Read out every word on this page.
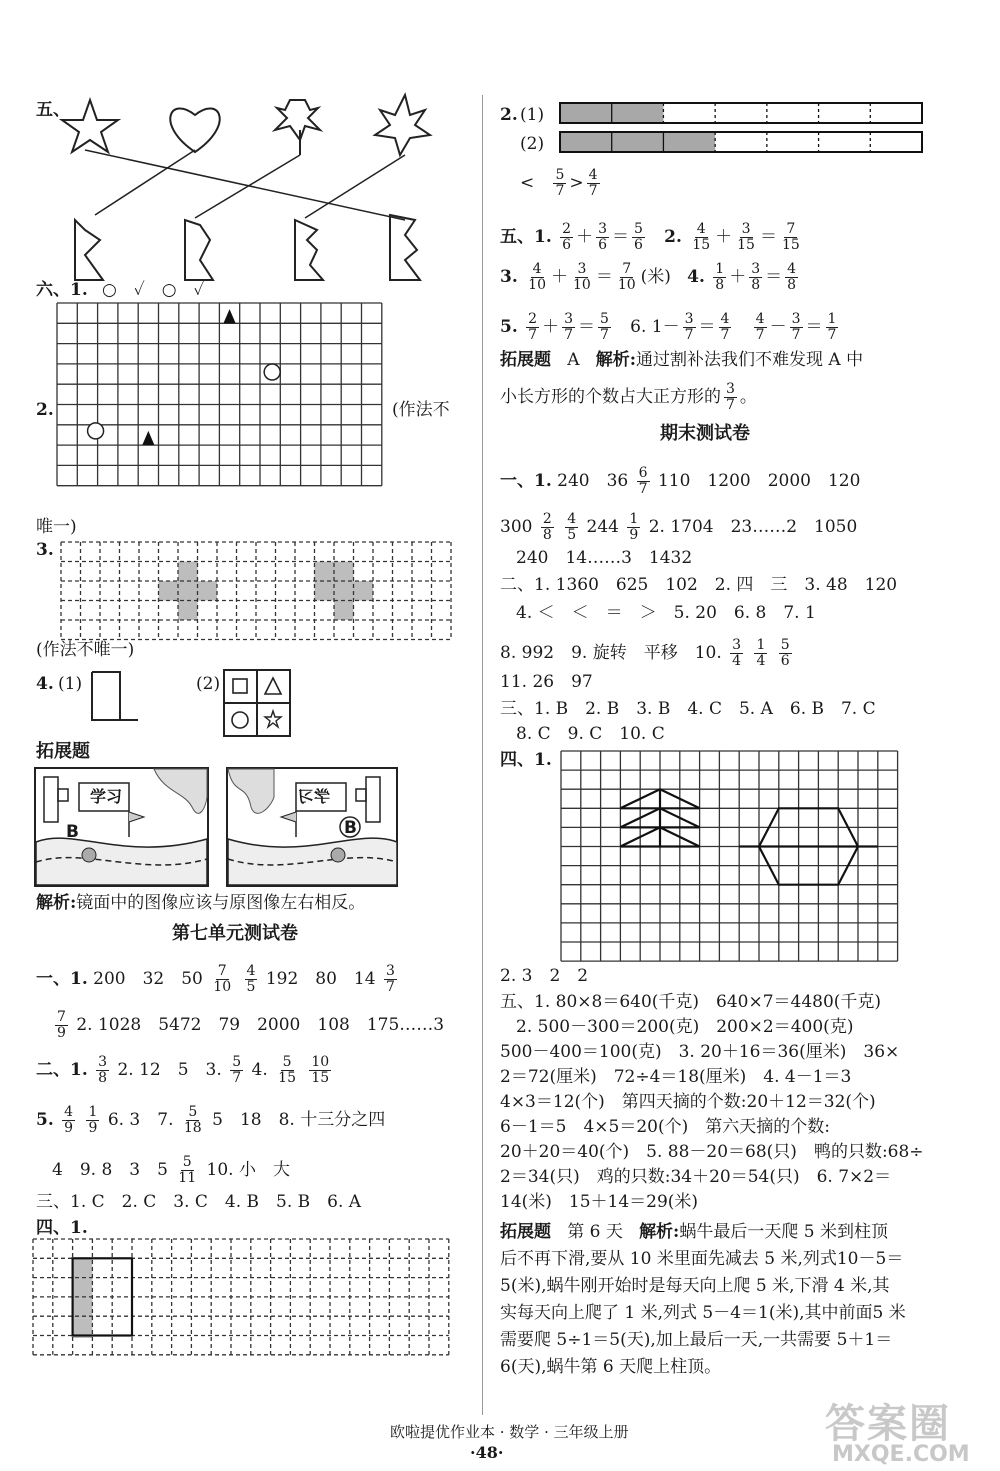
五、
六、1. ○　✓　○　✓
2.	(作法不
唯一)
3.
(作法不唯一)
4. (1)	(2)
拓展题
学习
B
学习
B
解析:镜面中的图像应该与原图像左右相反。
第七单元测试卷
一、1. 200　32　$50 \frac{7}{10}$
$\frac{4}{5} 192$　80　$14 \frac{3}{7}$
$\frac{7}{9} 2$. 1028　5472　79　2000　108　175……3
二、1. $\frac{3}{8} 2$. 12　5　3. $\frac{5}{7} 4$. $\frac{5}{15}$
$\frac{10}{15}$
5. $\frac{4}{9}$
$\frac{1}{9} 6$. 3　7. $\frac{5}{18} 5$　18　8. 十三分之四
4　9. 8　3　$5 \frac{5}{11} 10$. 小　大
三、1. C　2. C　3. C　4. B　5. B　6. A
四、1.
2. (1)
(2)
< $\frac{5}{7} > \frac{4}{7}$
五、1. $\frac{2}{6} + \frac{3}{6} = \frac{5}{6} 2$. $\frac{4}{15} + \frac{3}{15} = \frac{7}{15}$
3. $\frac{4}{10} + \frac{3}{10} = \frac{7}{10}$ (米) 4. $\frac{1}{8} + \frac{3}{8} = \frac{4}{8}$
5. $\frac{2}{7} + \frac{3}{7} = \frac{5}{7} 6$. $1- \frac{3}{7} = \frac{4}{7}$
$\frac{4}{7} - \frac{3}{7} = \frac{1}{7}$
拓展题 A 解析:通过割补法我们不难发现 A 中
小长方形的个数占大正方形的 $\frac{3}{7}$ 。
期末测试卷
一、1. 240　$36 \frac{6}{7} 110$　1200　2000　120
$300 \frac{2}{8}$
$\frac{4}{5} 244 \frac{1}{9} 2$. 1704　23……2　1050
240　14……3　1432
二、1. 1360　625　102　2. 四　三　3. 48　120
4. ＜　＜　＝　＞　5. 20　6. 8　7. 1
8. 992　9. 旋转　平移　10. $\frac{3}{4}$
$\frac{1}{4}$
$\frac{5}{6}$
11. 26　97
三、1. B　2. B　3. B　4. C　5. A　6. B　7. C
8. C　9. C　10. C
四、1.
2. 3　2　2
五、1. 80×8＝640(千克)　640×7＝4480(千克)
2. 500－300＝200(克)　200×2＝400(克)
500－400＝100(克)　3. 20＋16＝36(厘米)　36×
2＝72(厘米)　72÷4＝18(厘米)　4. 4－1＝3
4×3＝12(个)　第四天摘的个数:20＋12＝32(个)
6－1＝5　4×5＝20(个)　第六天摘的个数:
20＋20＝40(个)　5. 88－20＝68(只)　鸭的只数:68÷
2＝34(只)　鸡的只数:34＋20＝54(只)　6. 7×2＝
14(米)　15＋14＝29(米)
拓展题 第 6 天 解析:蜗牛最后一天爬 5 米到柱顶
后不再下滑,要从 10 米里面先减去 5 米,列式10－5＝
5(米),蜗牛刚开始时是每天向上爬 5 米,下滑 4 米,其
实每天向上爬了 1 米,列式 5－4＝1(米),其中前面5 米
需要爬 5÷1＝5(天),加上最后一天,一共需要 5＋1＝
6(天),蜗牛第 6 天爬上柱顶。
欧啦提优作业本 · 数学 · 三年级上册
·48·
答案圈
MXQE.COM
